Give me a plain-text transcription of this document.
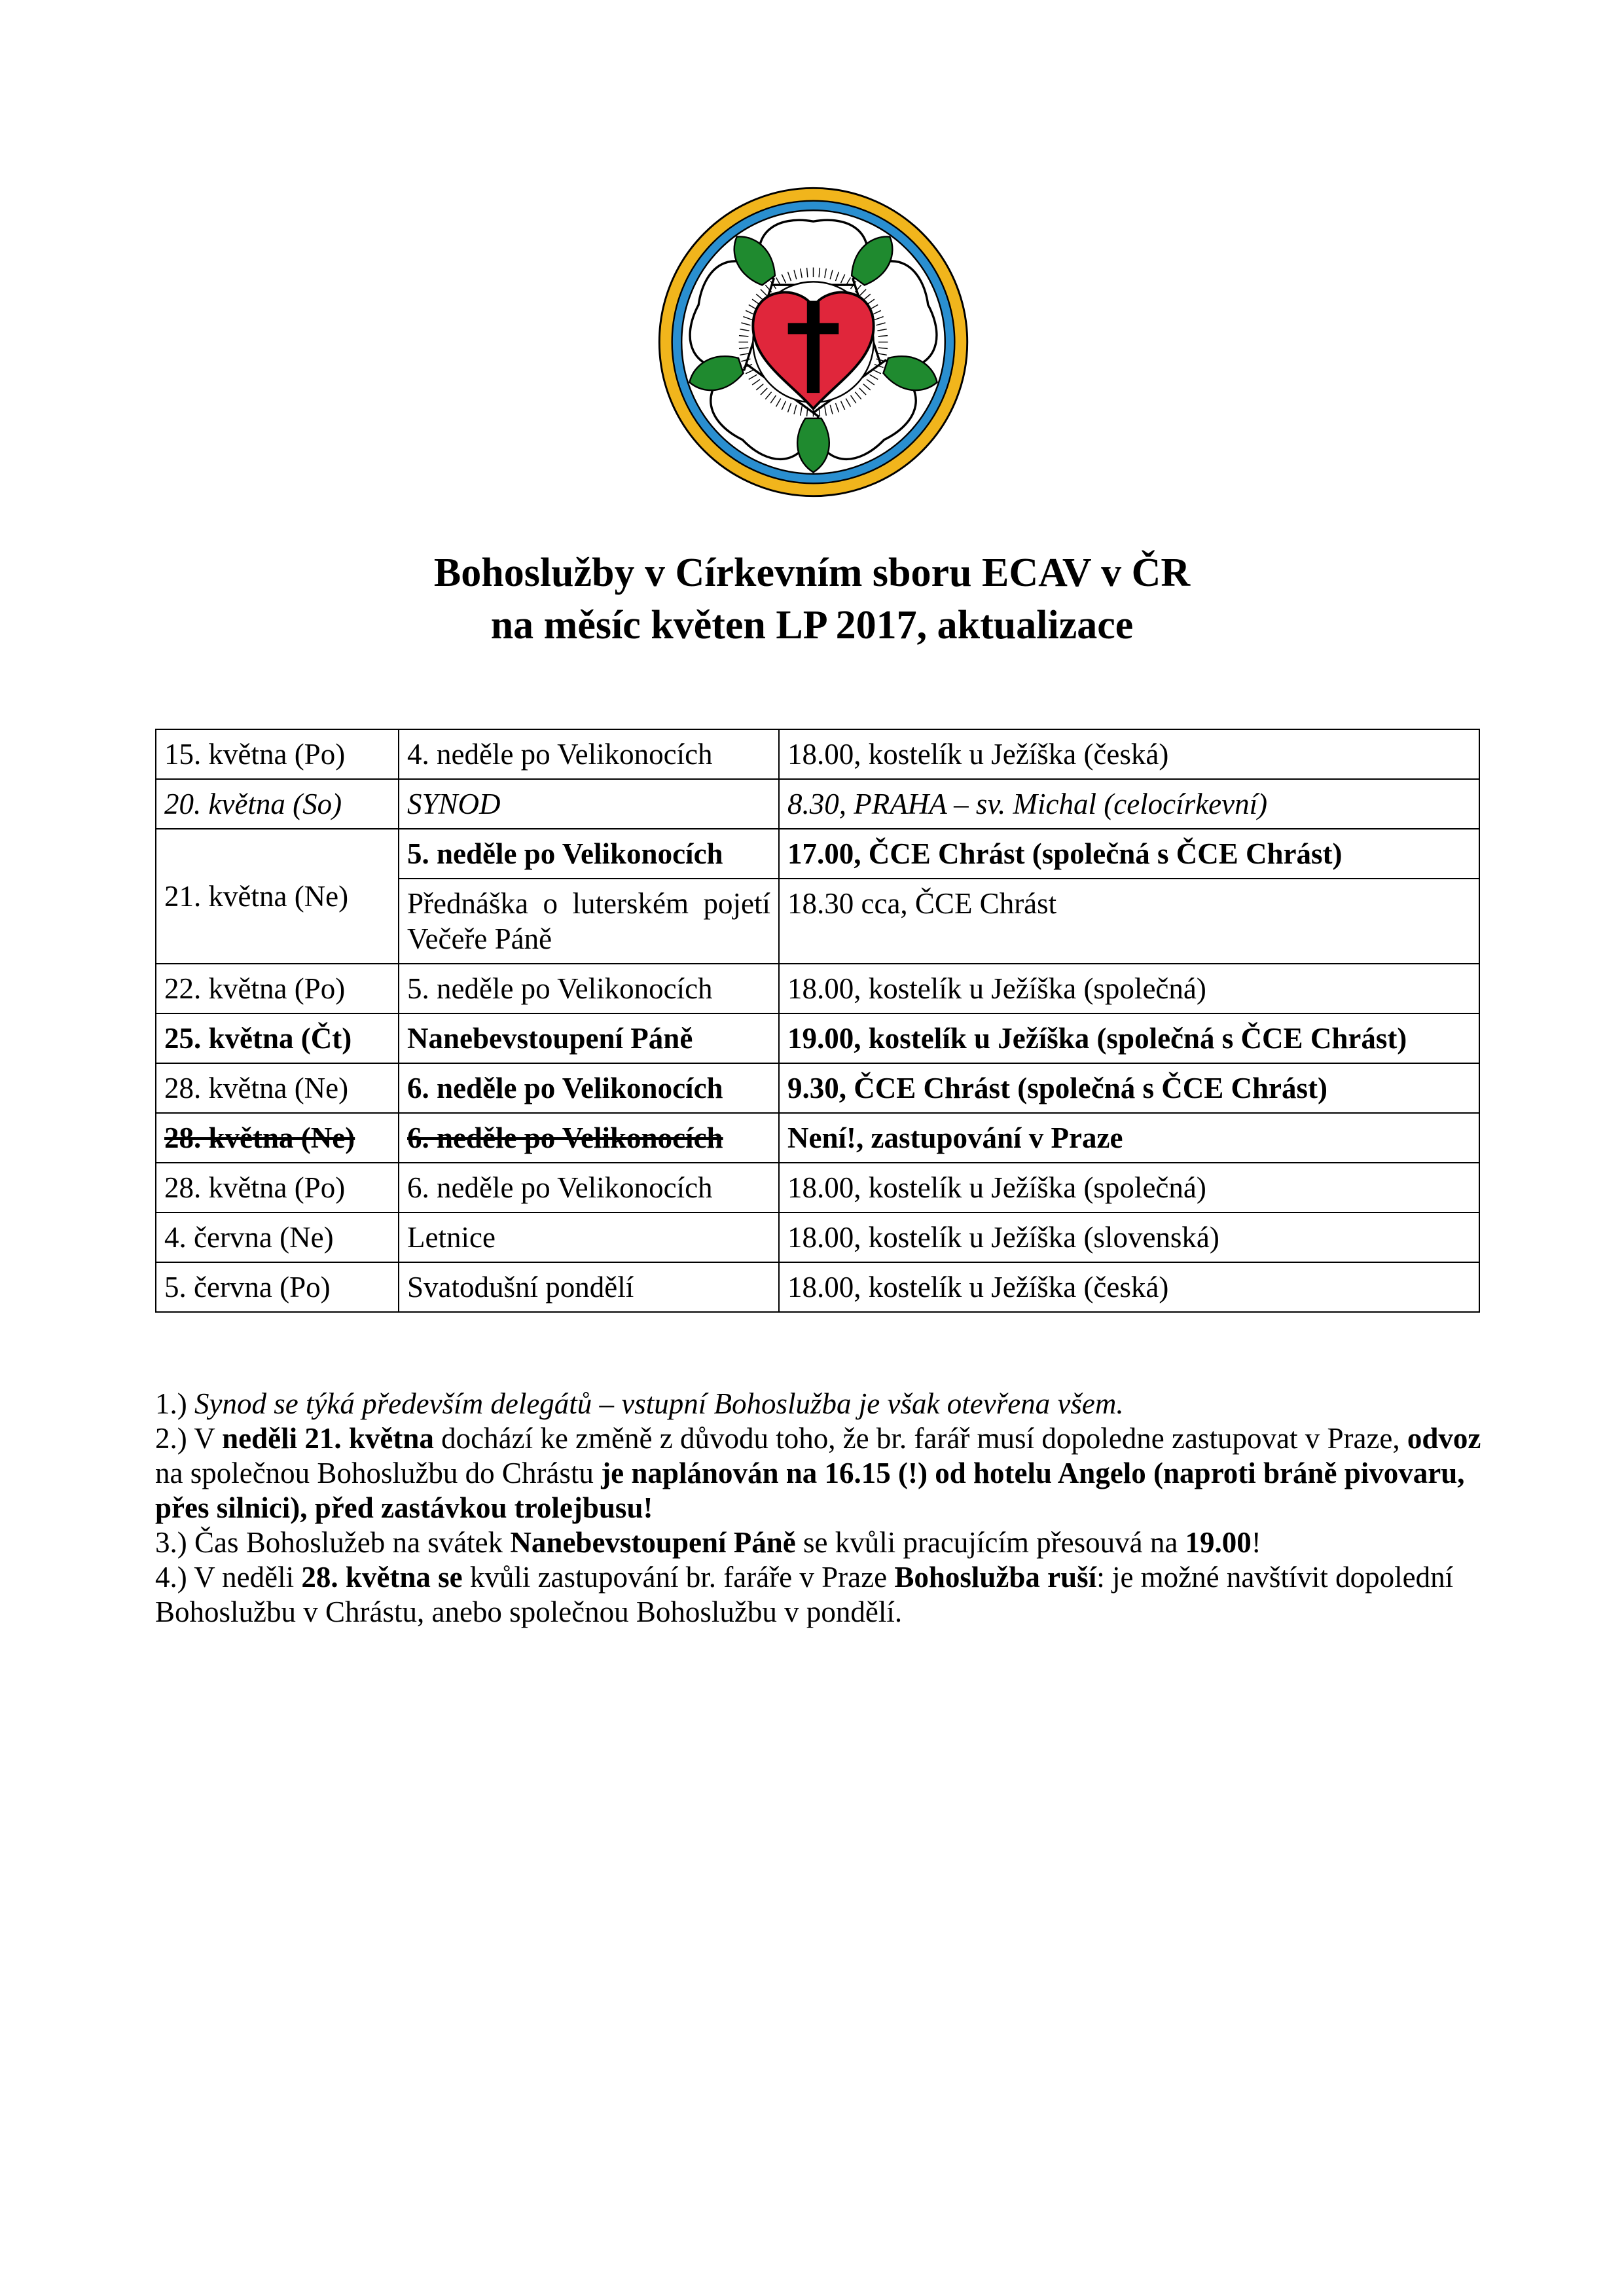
Bohoslužby v Církevním sboru ECAV v ČR
na měsíc květen LP 2017, aktualizace
15. května (Po)	4. neděle po Velikonocích	18.00, kostelík u Ježíška (česká)
20. května (So)	SYNOD	8.30, PRAHA – sv. Michal (celocírkevní)
21. května (Ne)	5. neděle po Velikonocích	17.00, ČCE Chrást (společná s ČCE Chrást)
	Přednáška o luterském pojetí Večeře Páně	18.30 cca, ČCE Chrást
22. května (Po)	5. neděle po Velikonocích	18.00, kostelík u Ježíška (společná)
25. května (Čt)	Nanebevstoupení Páně	19.00, kostelík u Ježíška (společná s ČCE Chrást)
28. května (Ne)	6. neděle po Velikonocích	9.30, ČCE Chrást (společná s ČCE Chrást)
28. května (Ne)	6. neděle po Velikonocích	Není!, zastupování v Praze
28. května (Po)	6. neděle po Velikonocích	18.00, kostelík u Ježíška (společná)
4. června (Ne)	Letnice	18.00, kostelík u Ježíška (slovenská)
5. června (Po)	Svatodušní pondělí	18.00, kostelík u Ježíška (česká)

1.) Synod se týká především delegátů – vstupní Bohoslužba je však otevřena všem.

2.) V neděli 21. května dochází ke změně z důvodu toho, že br. farář musí dopoledne zastupovat v Praze, odvoz na společnou Bohoslužbu do Chrástu je naplánován na 16.15 (!) od hotelu Angelo (naproti bráně pivovaru, přes silnici), před zastávkou trolejbusu!

3.) Čas Bohoslužeb na svátek Nanebevstoupení Páně se kvůli pracujícím přesouvá na 19.00!

4.) V neděli 28. května se kvůli zastupování br. faráře v Praze Bohoslužba ruší: je možné navštívit dopolední Bohoslužbu v Chrástu, anebo společnou Bohoslužbu v pondělí.
